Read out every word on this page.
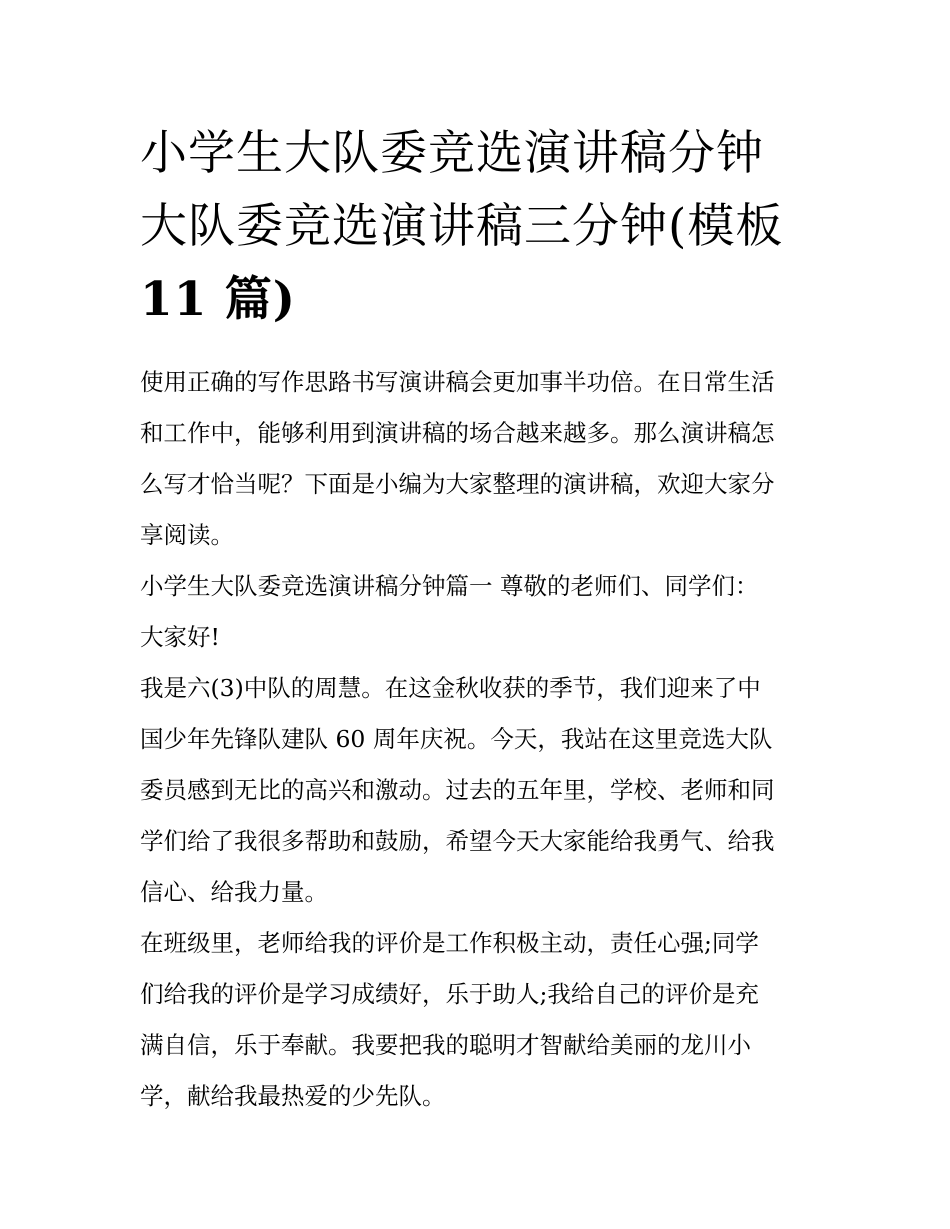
小学生大队委竞选演讲稿分钟
大队委竞选演讲稿三分钟(模板
11 篇)

使用正确的写作思路书写演讲稿会更加事半功倍。在日常生活
和工作中，能够利用到演讲稿的场合越来越多。那么演讲稿怎
么写才恰当呢？下面是小编为大家整理的演讲稿，欢迎大家分
享阅读。

小学生大队委竞选演讲稿分钟篇一 尊敬的老师们、同学们：

大家好!

我是六(3)中队的周慧。在这金秋收获的季节，我们迎来了中
国少年先锋队建队 60 周年庆祝。今天，我站在这里竞选大队
委员感到无比的高兴和激动。过去的五年里，学校、老师和同
学们给了我很多帮助和鼓励，希望今天大家能给我勇气、给我
信心、给我力量。

在班级里，老师给我的评价是工作积极主动，责任心强;同学
们给我的评价是学习成绩好，乐于助人;我给自己的评价是充
满自信，乐于奉献。我要把我的聪明才智献给美丽的龙川小
学，献给我最热爱的少先队。
